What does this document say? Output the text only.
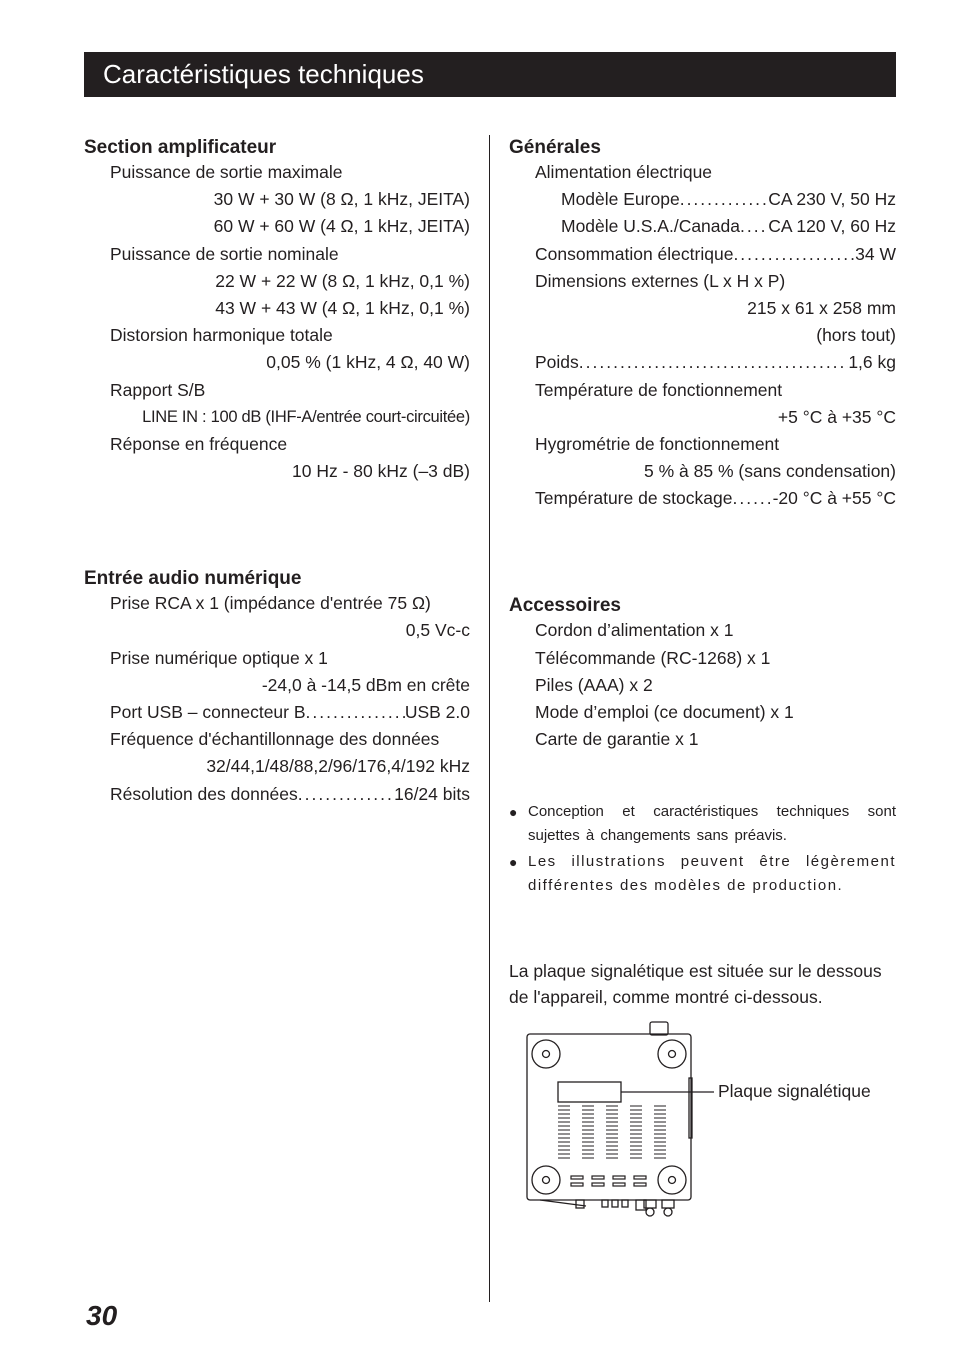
Caractéristiques techniques
Section amplificateur
Puissance de sortie maximale
30 W + 30 W (8 Ω, 1 kHz, JEITA)
60 W + 60 W (4 Ω, 1 kHz, JEITA)
Puissance de sortie nominale
22 W + 22 W (8 Ω, 1 kHz, 0,1 %)
43 W + 43 W (4 Ω, 1 kHz, 0,1 %)
Distorsion harmonique totale
0,05 % (1 kHz, 4 Ω, 40 W)
Rapport S/B
LINE IN : 100 dB (IHF-A/entrée court-circuitée)
Réponse en fréquence
10 Hz - 80 kHz (–3 dB)
Entrée audio numérique
Prise RCA x 1 (impédance d'entrée 75 Ω)
0,5 Vc-c
Prise numérique optique x 1
-24,0 à -14,5 dBm en crête
Port USB – connecteur B .....	USB 2.0
Fréquence d'échantillonnage des données
32/44,1/48/88,2/96/176,4/192 kHz
Résolution des données .....	16/24 bits
Générales
Alimentation électrique
Modèle Europe .....	CA 230 V, 50 Hz
Modèle U.S.A./Canada ..... CA 120 V, 60 Hz
Consommation électrique .....	34 W
Dimensions externes (L x H x P)
215 x 61 x 258 mm
(hors tout)
Poids .....	1,6 kg
Température de fonctionnement
+5 °C à +35 °C
Hygrométrie de fonctionnement
5 % à 85 % (sans condensation)
Température de stockage ..... -20 °C à +55 °C
Accessoires
Cordon d’alimentation x 1
Télécommande (RC-1268) x 1
Piles (AAA) x 2
Mode d’emploi (ce document) x 1
Carte de garantie x 1
● Conception et caractéristiques techniques sont sujettes à changements sans préavis.
● Les illustrations peuvent être légèrement différentes des modèles de production.
La plaque signalétique est située sur le dessous de l'appareil, comme montré ci-dessous.
Plaque signalétique
30
